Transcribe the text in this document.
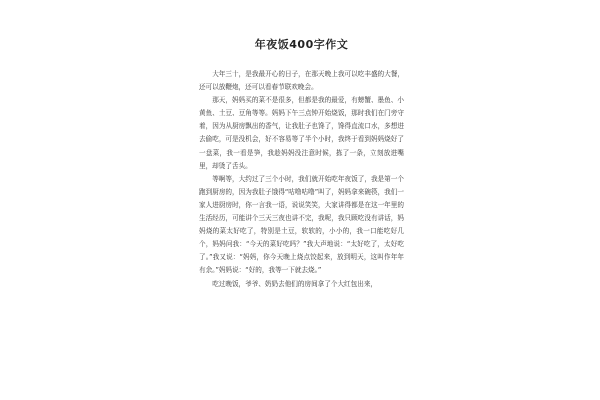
年夜饭400字作文

大年三十，是我最开心的日子，在那天晚上我可以吃丰盛的大餐，还可以放鞭炮，还可以看春节联欢晚会。

那天，妈妈买的菜不是很多，但都是我的最爱，有螃蟹、墨鱼、小黄鱼、土豆、豆角等等。妈妈下午三点钟开始烧饭，那时我们在门旁守着，因为从厨房飘出的香气，让我肚子也馋了，馋得直流口水，多想进去偷吃，可是没机会，好不容易等了半个小时，我终于看到妈妈烧好了一盘菜，我一看是笋，我趁妈妈没注意时候，拣了一条，立刻放进嘴里，却烫了舌头。

等啊等，大约过了三个小时，我们就开始吃年夜饭了，我是第一个跑到厨房的，因为我肚子饿得“咕噜咕噜”叫了，妈妈拿来碗筷，我们一家人进厨房时，你一言我一语，说说笑笑，大家讲得都是在这一年里的生活经历，可能讲个三天三夜也讲不完，我呢，我只顾吃没有讲话，妈妈烧的菜太好吃了，特别是土豆，软软的，小小的，我一口能吃好几个，妈妈问我：“今天的菜好吃吗？”我大声地说：“太好吃了，太好吃了。”我又说：“妈妈，你今天晚上烧点饺起来，放到明天，这叫作年年有余。”妈妈说：“好的，我等一下就去烧。”

吃过晚饭，爷爷、奶奶去他们的房间拿了个大红包出来，
